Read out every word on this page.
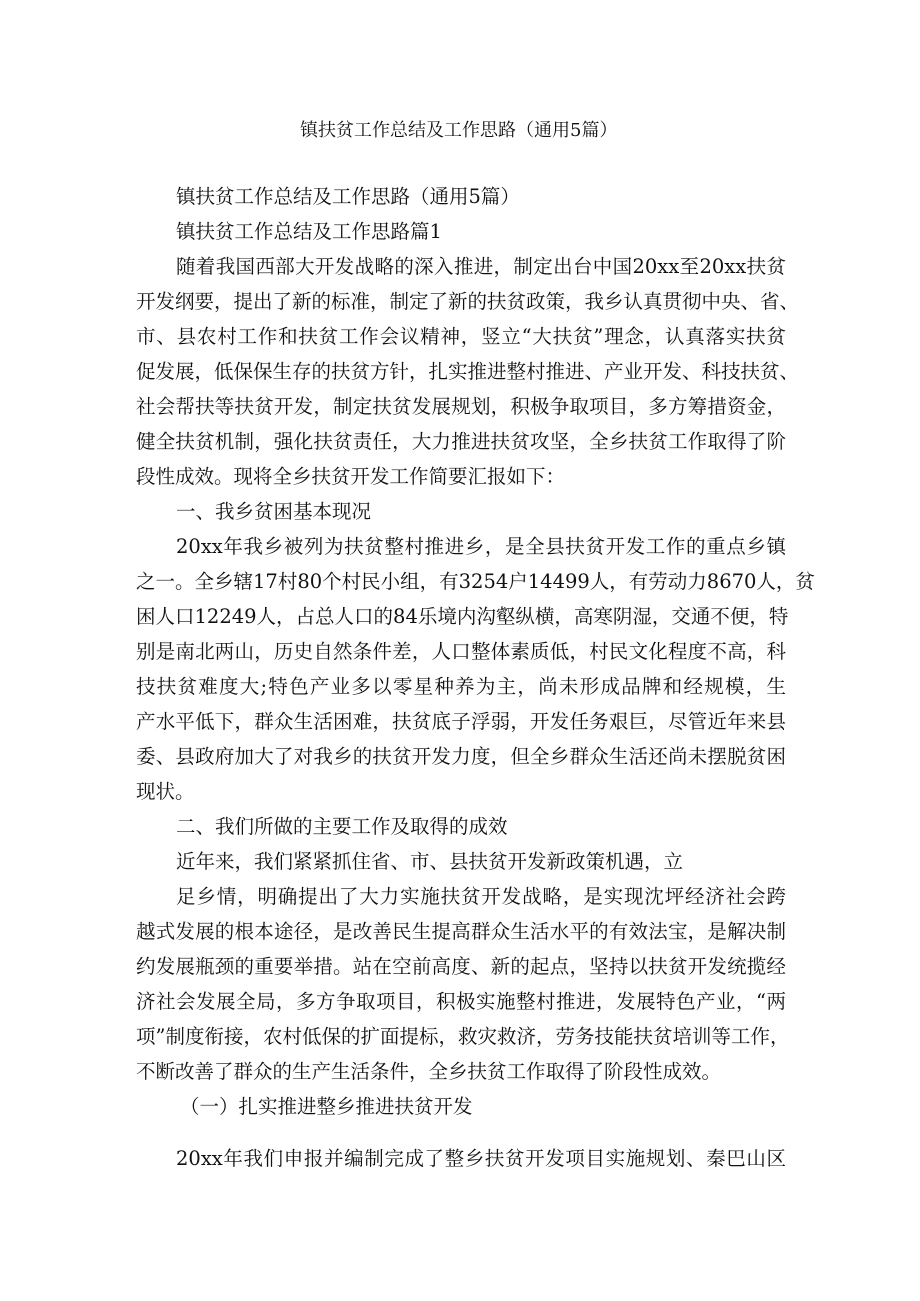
镇扶贫工作总结及工作思路（通用5篇）
镇扶贫工作总结及工作思路（通用5篇）
镇扶贫工作总结及工作思路篇1
随着我国西部大开发战略的深入推进，制定出台中国20xx至20xx扶贫
开发纲要，提出了新的标准，制定了新的扶贫政策，我乡认真贯彻中央、省、
市、县农村工作和扶贫工作会议精神，竖立“大扶贫”理念，认真落实扶贫
促发展，低保保生存的扶贫方针，扎实推进整村推进、产业开发、科技扶贫、
社会帮扶等扶贫开发，制定扶贫发展规划，积极争取项目，多方筹措资金，
健全扶贫机制，强化扶贫责任，大力推进扶贫攻坚，全乡扶贫工作取得了阶
段性成效。现将全乡扶贫开发工作简要汇报如下：
一、我乡贫困基本现况
20xx年我乡被列为扶贫整村推进乡，是全县扶贫开发工作的重点乡镇
之一。全乡辖17村80个村民小组，有3254户14499人，有劳动力8670人，贫
困人口12249人，占总人口的84乐境内沟壑纵横，高寒阴湿，交通不便，特
别是南北两山，历史自然条件差，人口整体素质低，村民文化程度不高，科
技扶贫难度大;特色产业多以零星种养为主，尚未形成品牌和经规模，生
产水平低下，群众生活困难，扶贫底子浮弱，开发任务艰巨，尽管近年来县
委、县政府加大了对我乡的扶贫开发力度，但全乡群众生活还尚未摆脱贫困
现状。
二、我们所做的主要工作及取得的成效
近年来，我们紧紧抓住省、市、县扶贫开发新政策机遇，立
足乡情，明确提出了大力实施扶贫开发战略，是实现沈坪经济社会跨
越式发展的根本途径，是改善民生提高群众生活水平的有效法宝，是解决制
约发展瓶颈的重要举措。站在空前高度、新的起点，坚持以扶贫开发统揽经
济社会发展全局，多方争取项目，积极实施整村推进，发展特色产业，“两
项”制度衔接，农村低保的扩面提标，救灾救济，劳务技能扶贫培训等工作，
不断改善了群众的生产生活条件，全乡扶贫工作取得了阶段性成效。
（一）扎实推进整乡推进扶贫开发
20xx年我们申报并编制完成了整乡扶贫开发项目实施规划、秦巴山区
